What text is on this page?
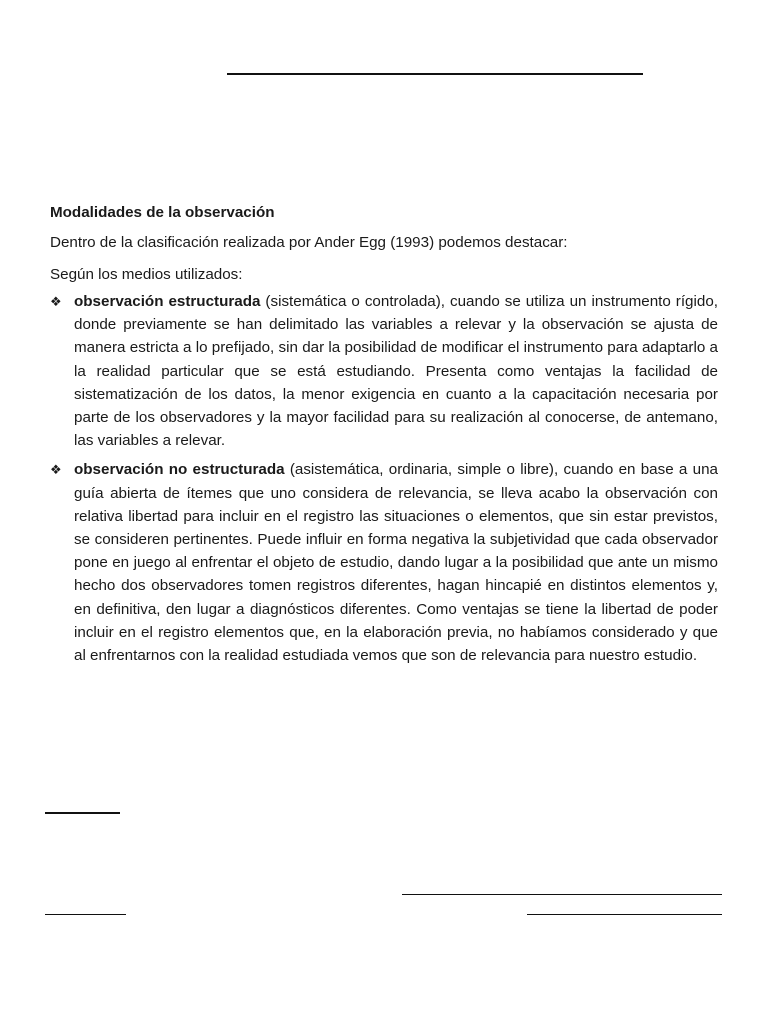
Modalidades de la observación
Dentro de la clasificación realizada por Ander Egg (1993) podemos destacar:
Según los medios utilizados:
❖ observación estructurada (sistemática o controlada), cuando se utiliza un instrumento rígido, donde previamente se han delimitado las variables a relevar y la observación se ajusta de manera estricta a lo prefijado, sin dar la posibilidad de modificar el instrumento para adaptarlo a la realidad particular que se está estudiando. Presenta como ventajas la facilidad de sistematización de los datos, la menor exigencia en cuanto a la capacitación necesaria por parte de los observadores y la mayor facilidad para su realización al conocerse, de antemano, las variables a relevar.
❖ observación no estructurada (asistemática, ordinaria, simple o libre), cuando en base a una guía abierta de ítemes que uno considera de relevancia, se lleva acabo la observación con relativa libertad para incluir en el registro las situaciones o elementos, que sin estar previstos, se consideren pertinentes. Puede influir en forma negativa la subjetividad que cada observador pone en juego al enfrentar el objeto de estudio, dando lugar a la posibilidad que ante un mismo hecho dos observadores tomen registros diferentes, hagan hincapié en distintos elementos y, en definitiva, den lugar a diagnósticos diferentes. Como ventajas se tiene la libertad de poder incluir en el registro elementos que, en la elaboración previa, no habíamos considerado y que al enfrentarnos con la realidad estudiada vemos que son de relevancia para nuestro estudio.
